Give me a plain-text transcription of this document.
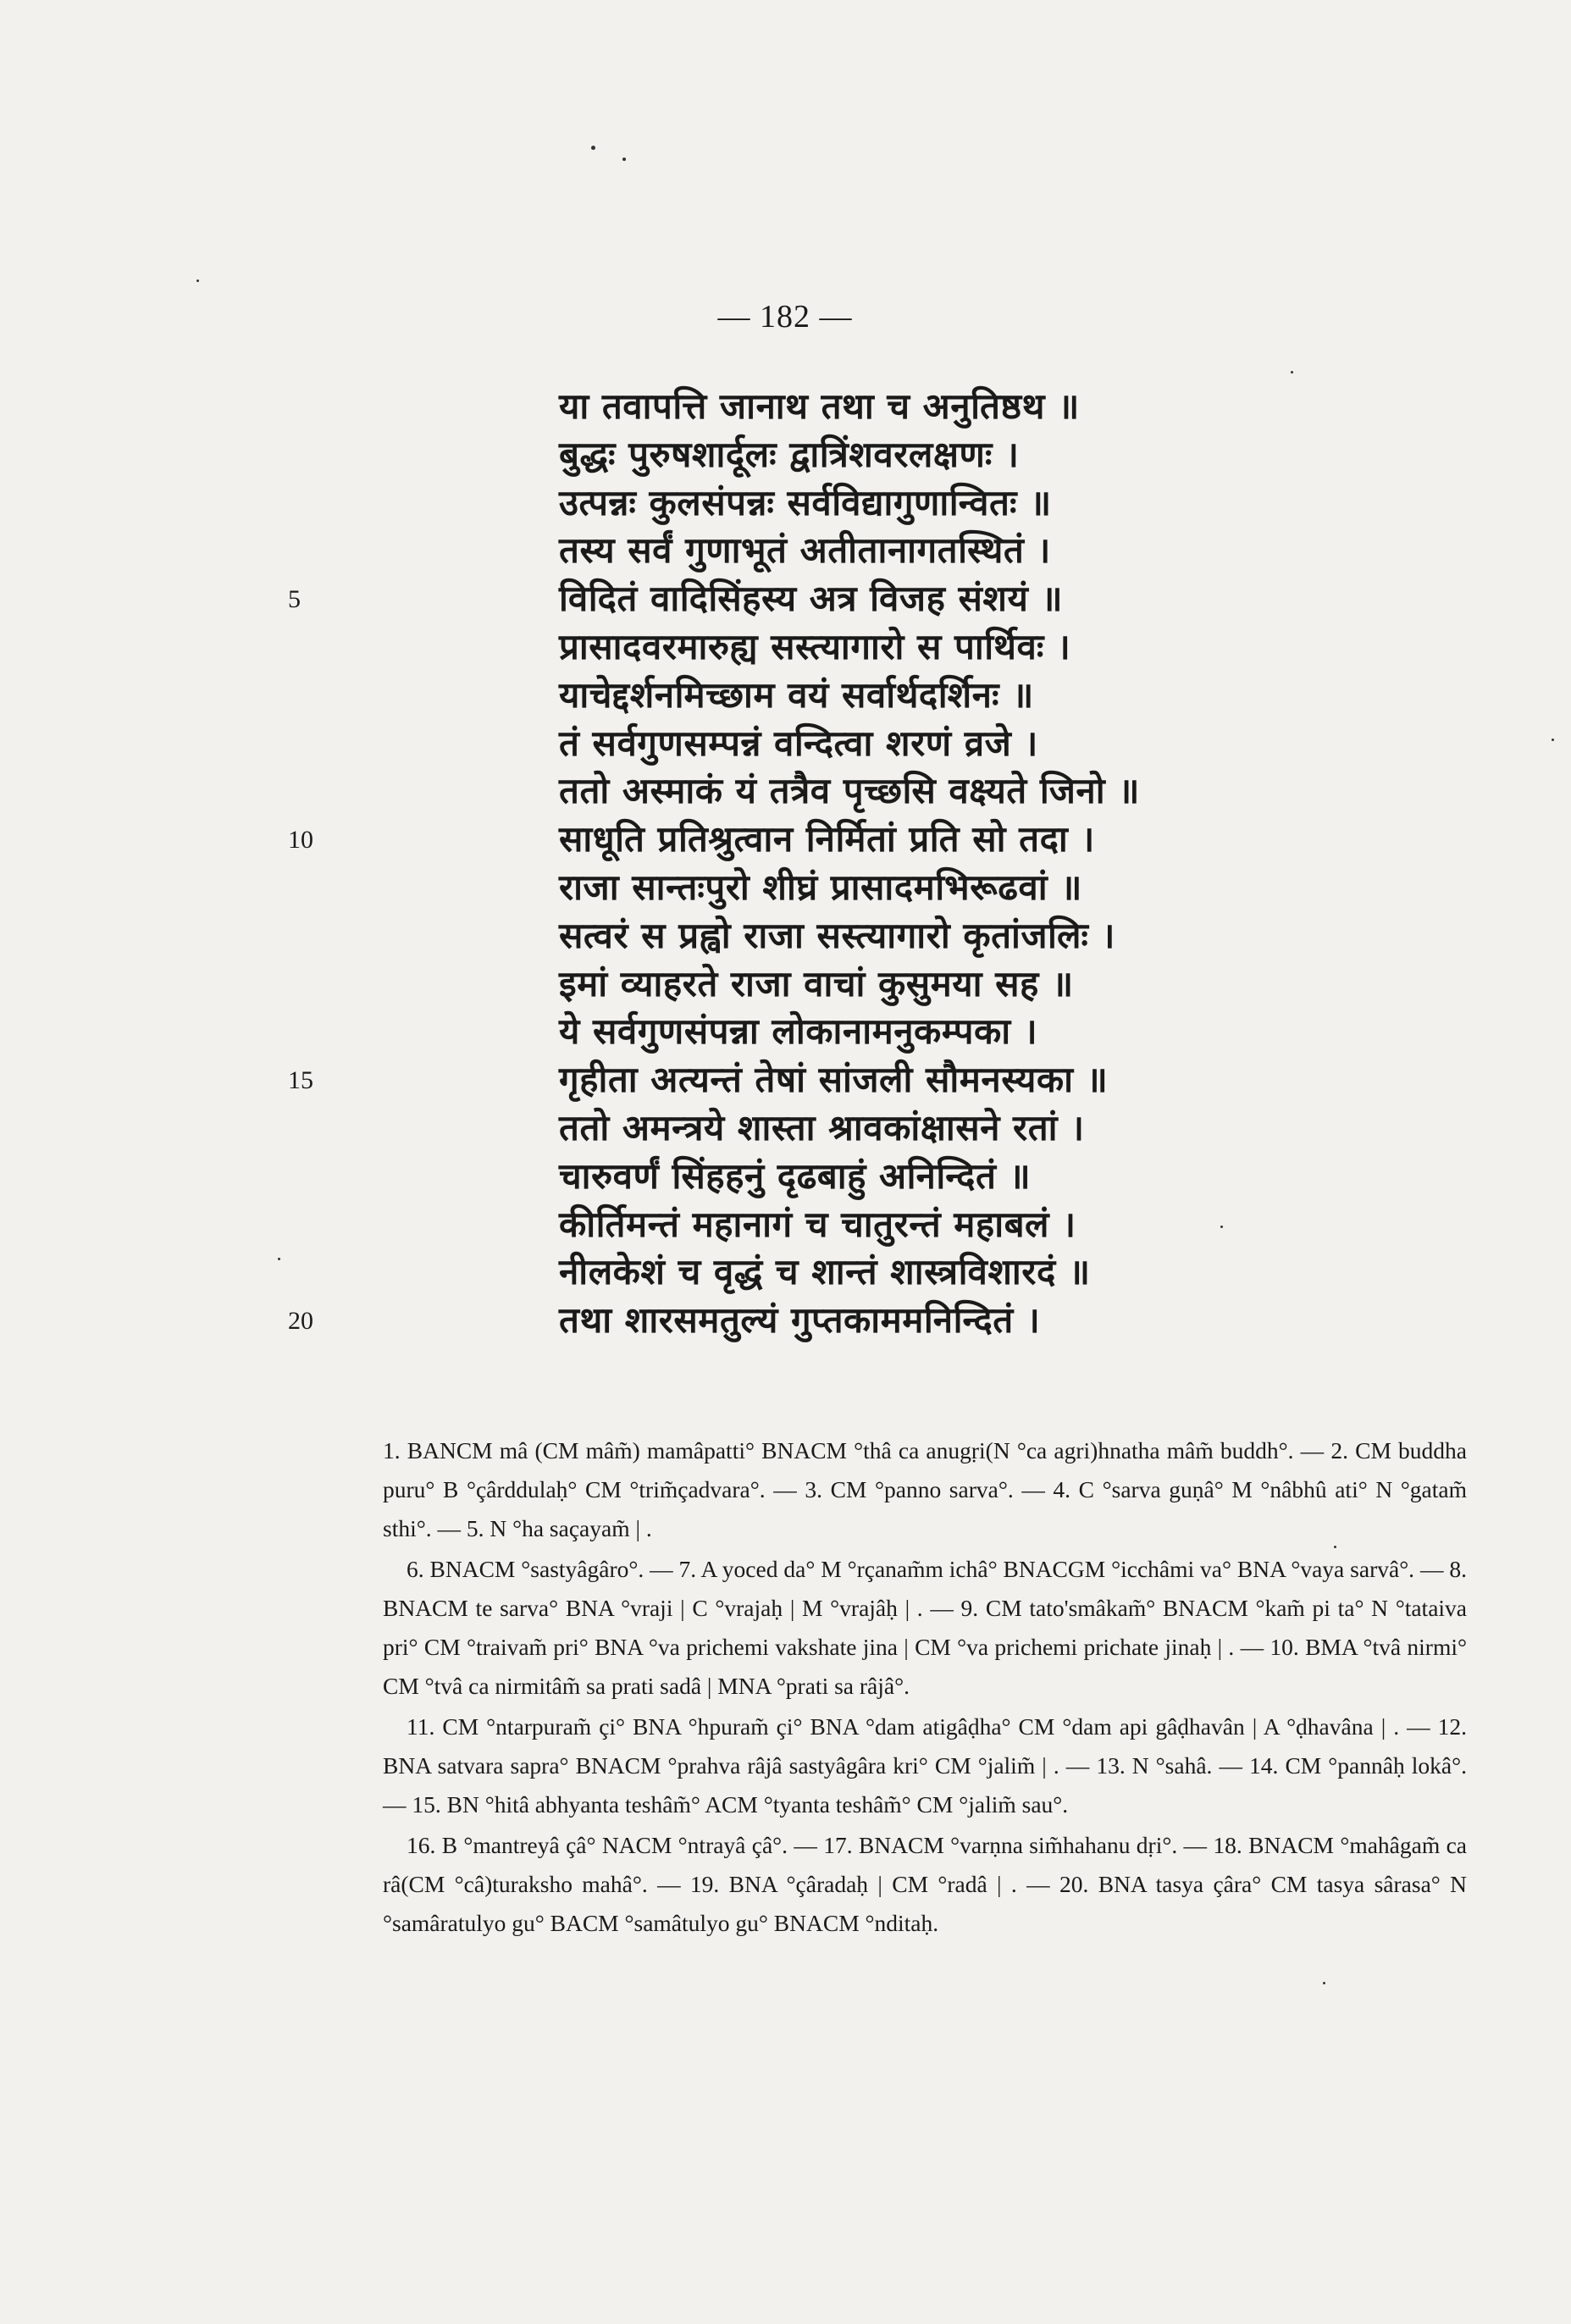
— 182 —
या तवापत्ति जानाथ तथा च अनुतिष्ठथ ॥
बुद्धः पुरुषशार्दूलः द्वात्रिंशवरलक्षणः ।
उत्पन्नः कुलसंपन्नः सर्वविद्यागुणान्वितः ॥
तस्य सर्वं गुणाभूतं अतीतानागतस्थितं ।
विदितं वादिसिंहस्य अत्र विजह संशयं ॥
प्रासादवरमारुह्य सस्त्यागारो स पार्थिवः ।
याचेद्दर्शनमिच्छाम वयं सर्वार्थदर्शिनः ॥
तं सर्वगुणसम्पन्नं वन्दित्वा शरणं व्रजे ।
ततो अस्माकं यं तत्रैव पृच्छसि वक्ष्यते जिनो ॥
साधूति प्रतिश्रुत्वान निर्मितां प्रति सो तदा ।
राजा सान्तःपुरो शीघ्रं प्रासादमभिरूढवां ॥
सत्वरं स प्रह्वो राजा सस्त्यागारो कृतांजलिः ।
इमां व्याहरते राजा वाचां कुसुमया सह ॥
ये सर्वगुणसंपन्ना लोकानामनुकम्पका ।
गृहीता अत्यन्तं तेषां सांजली सौमनस्यका ॥
ततो अमन्त्रये शास्ता श्रावकांक्षासने रतां ।
चारुवर्णं सिंहहनुं दृढबाहुं अनिन्दितं ॥
कीर्तिमन्तं महानागं च चातुरन्तं महाबलं ।
नीलकेशं च वृद्धं च शान्तं शास्त्रविशारदं ॥
तथा शारसमतुल्यं गुप्तकाममनिन्दितं ।
5
10
15
20

1. BANCM mâ (CM mâm̃) mamâpatti° BNACM °thâ ca anugṛi(N °ca agri)hnatha mâm̃ buddh°. — 2. CM buddha puru° B °çârddulaḥ° CM °trim̃çadvara°. — 3. CM °panno sarva°. — 4. C °sarva guṇâ° M °nâbhû ati° N °gatam̃ sthi°. — 5. N °ha saçayam̃ | .

6. BNACM °sastyâgâro°. — 7. A yoced da° M °rçanam̃m ichâ° BNACGM °icchâmi va° BNA °vaya sarvâ°. — 8. BNACM te sarva° BNA °vraji | C °vrajaḥ | M °vrajâḥ | . — 9. CM tato'smâkam̃° BNACM °kam̃ pi ta° N °tataiva pri° CM °traivam̃ pri° BNA °va prichemi vakshate jina | CM °va prichemi prichate jinaḥ | . — 10. BMA °tvâ nirmi° CM °tvâ ca nirmitâm̃ sa prati sadâ | MNA °prati sa râjâ°.

11. CM °ntarpuram̃ çi° BNA °hpuram̃ çi° BNA °dam atigâḍha° CM °dam api gâḍhavân | A °ḍhavâna | . — 12. BNA satvara sapra° BNACM °prahva râjâ sastyâgâra kri° CM °jalim̃ | . — 13. N °sahâ. — 14. CM °pannâḥ lokâ°. — 15. BN °hitâ abhyanta teshâm̃° ACM °tyanta teshâm̃° CM °jalim̃ sau°.

16. B °mantreyâ çâ° NACM °ntrayâ çâ°. — 17. BNACM °varṇna sim̃hahanu dṛi°. — 18. BNACM °mahâgam̃ ca râ(CM °câ)turaksho mahâ°. — 19. BNA °çâradaḥ | CM °radâ | . — 20. BNA tasya çâra° CM tasya sârasa° N °samâratulyo gu° BACM °samâtulyo gu° BNACM °nditaḥ.
